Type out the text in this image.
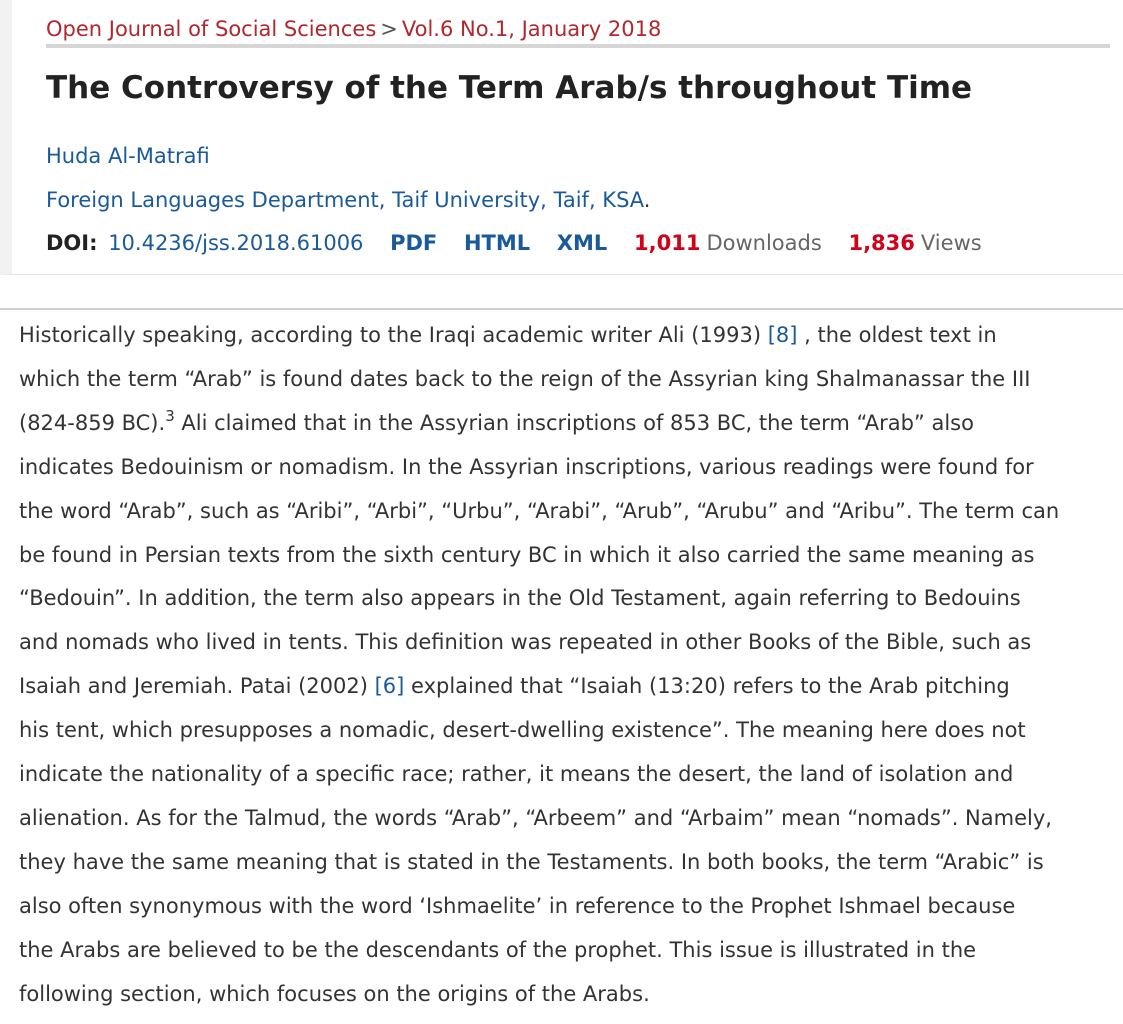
Open Journal of Social Sciences > Vol.6 No.1, January 2018
The Controversy of the Term Arab/s throughout Time
Huda Al-Matrafi
Foreign Languages Department, Taif University, Taif, KSA.
DOI: 10.4236/jss.2018.61006 PDF HTML XML 1,011 Downloads 1,836 Views

Historically speaking, according to the Iraqi academic writer Ali (1993) [8] , the oldest text in
which the term “Arab” is found dates back to the reign of the Assyrian king Shalmanassar the III
(824-859 BC).$^3$ Ali claimed that in the Assyrian inscriptions of 853 BC, the term “Arab” also
indicates Bedouinism or nomadism. In the Assyrian inscriptions, various readings were found for
the word “Arab”, such as “Aribi”, “Arbi”, “Urbu”, “Arabi”, “Arub”, “Arubu” and “Aribu”. The term can
be found in Persian texts from the sixth century BC in which it also carried the same meaning as
“Bedouin”. In addition, the term also appears in the Old Testament, again referring to Bedouins
and nomads who lived in tents. This definition was repeated in other Books of the Bible, such as
Isaiah and Jeremiah. Patai (2002) [6] explained that “Isaiah (13:20) refers to the Arab pitching
his tent, which presupposes a nomadic, desert-dwelling existence”. The meaning here does not
indicate the nationality of a specific race; rather, it means the desert, the land of isolation and
alienation. As for the Talmud, the words “Arab”, “Arbeem” and “Arbaim” mean “nomads”. Namely,
they have the same meaning that is stated in the Testaments. In both books, the term “Arabic” is
also often synonymous with the word ‘Ishmaelite’ in reference to the Prophet Ishmael because
the Arabs are believed to be the descendants of the prophet. This issue is illustrated in the
following section, which focuses on the origins of the Arabs.
